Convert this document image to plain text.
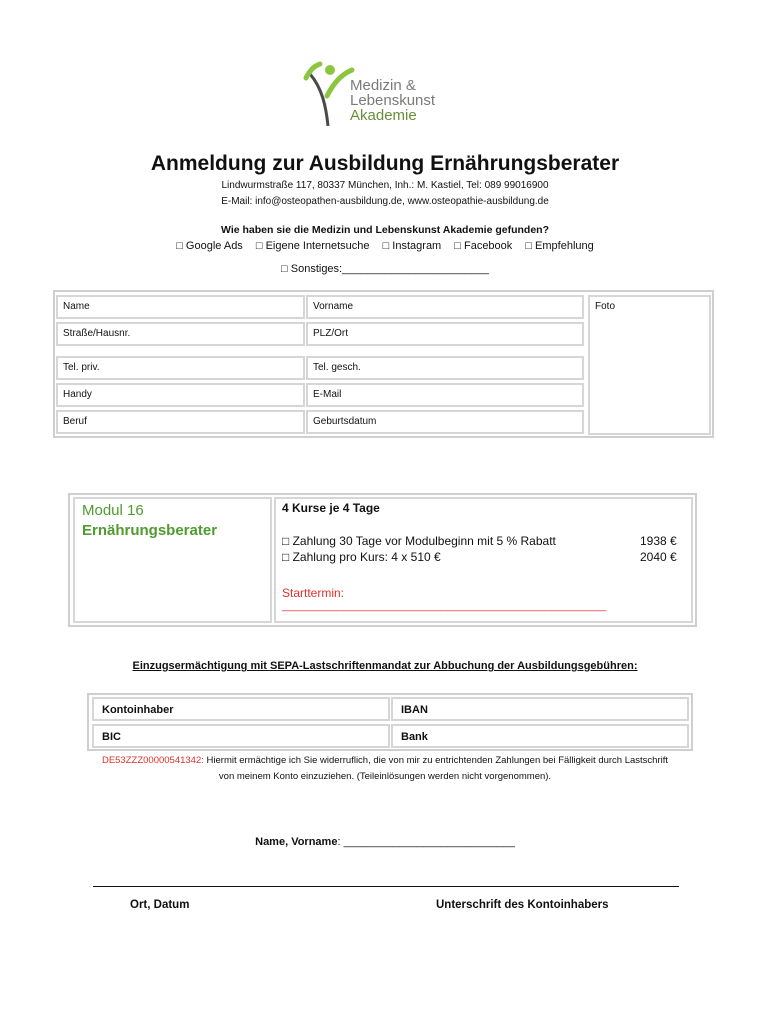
Medizin &
Lebenskunst
Akademie
Anmeldung zur Ausbildung Ernährungsberater
Lindwurmstraße 117, 80337 München, Inh.: M. Kastiel, Tel: 089 99016900
E-Mail: info@osteopathen-ausbildung.de, www.osteopathie-ausbildung.de
Wie haben sie die Medizin und Lebenskunst Akademie gefunden?
□ Google Ads □ Eigene Internetsuche □ Instagram □ Facebook □ Empfehlung
□ Sonstiges:________________________
Name	Vorname	Foto
Straße/Hausnr.	PLZ/Ort
Tel. priv.	Tel. gesch.
Handy	E-Mail
Beruf	Geburtsdatum
Modul 16
Ernährungsberater
4 Kurse je 4 Tage
□ Zahlung 30 Tage vor Modulbeginn mit 5 % Rabatt	1938 €
□ Zahlung pro Kurs: 4 x 510 €	2040 €
Starttermin:
_____________________________________________________
Einzugsermächtigung mit SEPA-Lastschriftenmandat zur Abbuchung der Ausbildungsgebühren:
Kontoinhaber	IBAN
BIC	Bank
DE53ZZZ00000541342: Hiermit ermächtige ich Sie widerruflich, die von mir zu entrichtenden Zahlungen bei Fälligkeit durch Lastschrift
von meinem Konto einzuziehen. (Teileinlösungen werden nicht vorgenommen).
Name, Vorname: ____________________________
Ort, Datum	Unterschrift des Kontoinhabers
